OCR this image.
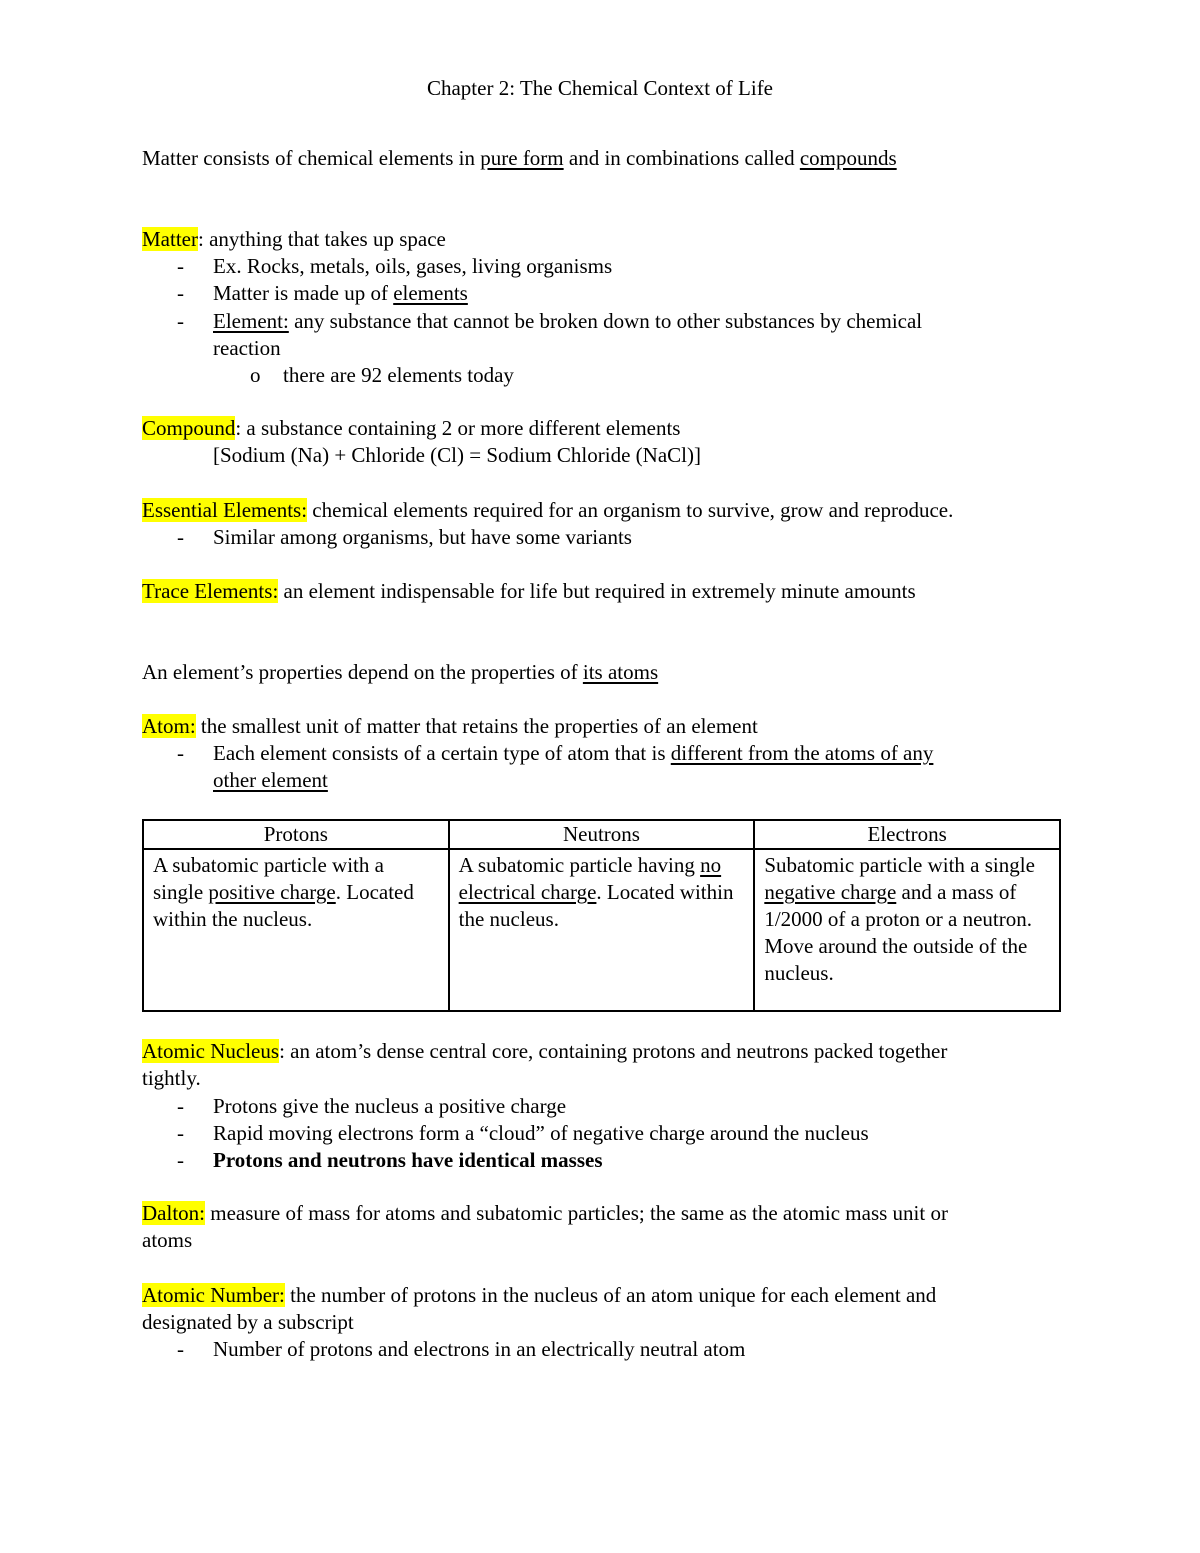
Chapter 2: The Chemical Context of Life
Matter consists of chemical elements in pure form and in combinations called compounds
Matter: anything that takes up space
- Ex. Rocks, metals, oils, gases, living organisms
- Matter is made up of elements
- Element: any substance that cannot be broken down to other substances by chemical
reaction
o there are 92 elements today
Compound: a substance containing 2 or more different elements
[Sodium (Na) + Chloride (Cl) = Sodium Chloride (NaCl)]
Essential Elements: chemical elements required for an organism to survive, grow and reproduce.
- Similar among organisms, but have some variants
Trace Elements: an element indispensable for life but required in extremely minute amounts
An element’s properties depend on the properties of its atoms
Atom: the smallest unit of matter that retains the properties of an element
- Each element consists of a certain type of atom that is different from the atoms of any
other element
Protons	Neutrons	Electrons
A subatomic particle with a single positive charge. Located within the nucleus.	A subatomic particle having no electrical charge. Located within the nucleus.	Subatomic particle with a single negative charge and a mass of 1/2000 of a proton or a neutron. Move around the outside of the nucleus.
Atomic Nucleus: an atom’s dense central core, containing protons and neutrons packed together
tightly.
- Protons give the nucleus a positive charge
- Rapid moving electrons form a “cloud” of negative charge around the nucleus
- Protons and neutrons have identical masses
Dalton: measure of mass for atoms and subatomic particles; the same as the atomic mass unit or
atoms
Atomic Number: the number of protons in the nucleus of an atom unique for each element and
designated by a subscript
- Number of protons and electrons in an electrically neutral atom
